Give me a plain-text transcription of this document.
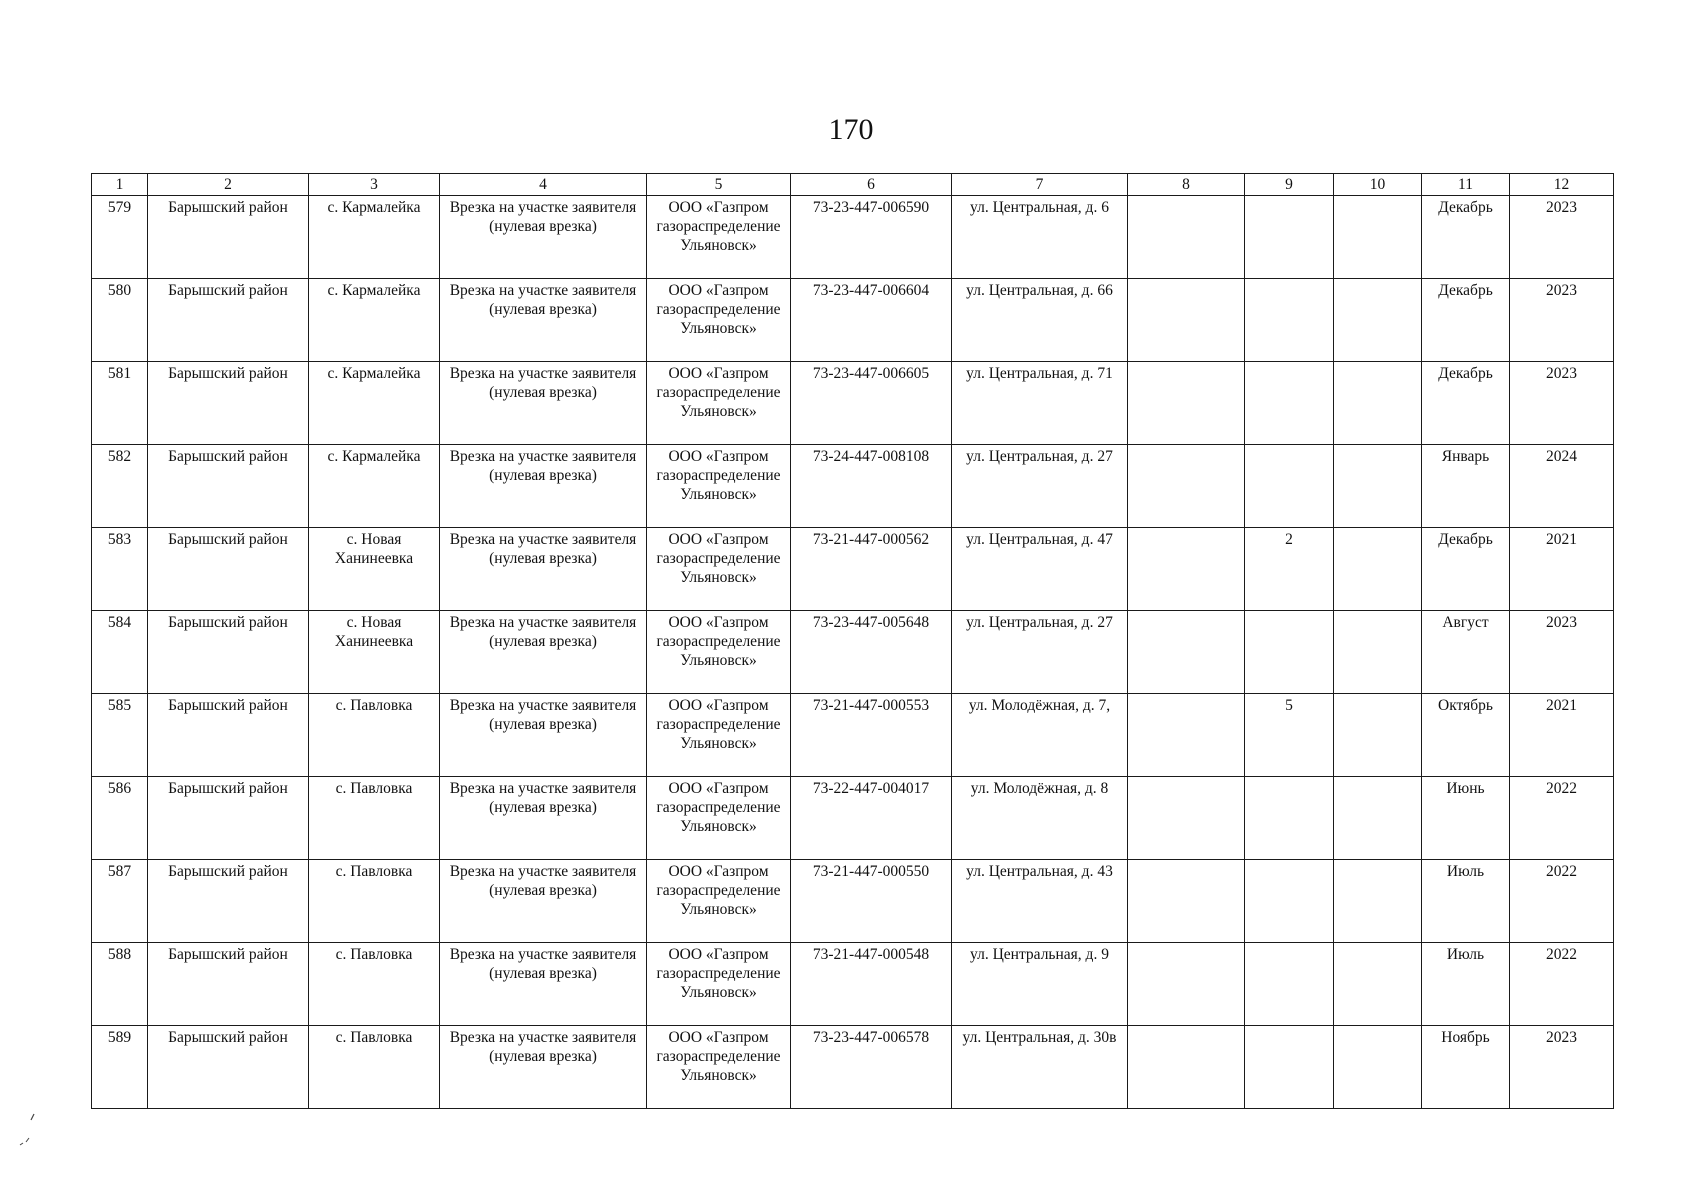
170
1	2	3	4	5	6	7	8	9	10	11	12
579	Барышский район	с. Кармалейка	Врезка на участке заявителя (нулевая врезка)	ООО «Газпром газораспределение Ульяновск»	73-23-447-006590	ул. Центральная, д. 6				Декабрь	2023
580	Барышский район	с. Кармалейка	Врезка на участке заявителя (нулевая врезка)	ООО «Газпром газораспределение Ульяновск»	73-23-447-006604	ул. Центральная, д. 66				Декабрь	2023
581	Барышский район	с. Кармалейка	Врезка на участке заявителя (нулевая врезка)	ООО «Газпром газораспределение Ульяновск»	73-23-447-006605	ул. Центральная, д. 71				Декабрь	2023
582	Барышский район	с. Кармалейка	Врезка на участке заявителя (нулевая врезка)	ООО «Газпром газораспределение Ульяновск»	73-24-447-008108	ул. Центральная, д. 27				Январь	2024
583	Барышский район	с. Новая Ханинеевка	Врезка на участке заявителя (нулевая врезка)	ООО «Газпром газораспределение Ульяновск»	73-21-447-000562	ул. Центральная, д. 47		2		Декабрь	2021
584	Барышский район	с. Новая Ханинеевка	Врезка на участке заявителя (нулевая врезка)	ООО «Газпром газораспределение Ульяновск»	73-23-447-005648	ул. Центральная, д. 27				Август	2023
585	Барышский район	с. Павловка	Врезка на участке заявителя (нулевая врезка)	ООО «Газпром газораспределение Ульяновск»	73-21-447-000553	ул. Молодёжная, д. 7,		5		Октябрь	2021
586	Барышский район	с. Павловка	Врезка на участке заявителя (нулевая врезка)	ООО «Газпром газораспределение Ульяновск»	73-22-447-004017	ул. Молодёжная, д. 8				Июнь	2022
587	Барышский район	с. Павловка	Врезка на участке заявителя (нулевая врезка)	ООО «Газпром газораспределение Ульяновск»	73-21-447-000550	ул. Центральная, д. 43				Июль	2022
588	Барышский район	с. Павловка	Врезка на участке заявителя (нулевая врезка)	ООО «Газпром газораспределение Ульяновск»	73-21-447-000548	ул. Центральная, д. 9				Июль	2022
589	Барышский район	с. Павловка	Врезка на участке заявителя (нулевая врезка)	ООО «Газпром газораспределение Ульяновск»	73-23-447-006578	ул. Центральная, д. 30в				Ноябрь	2023
